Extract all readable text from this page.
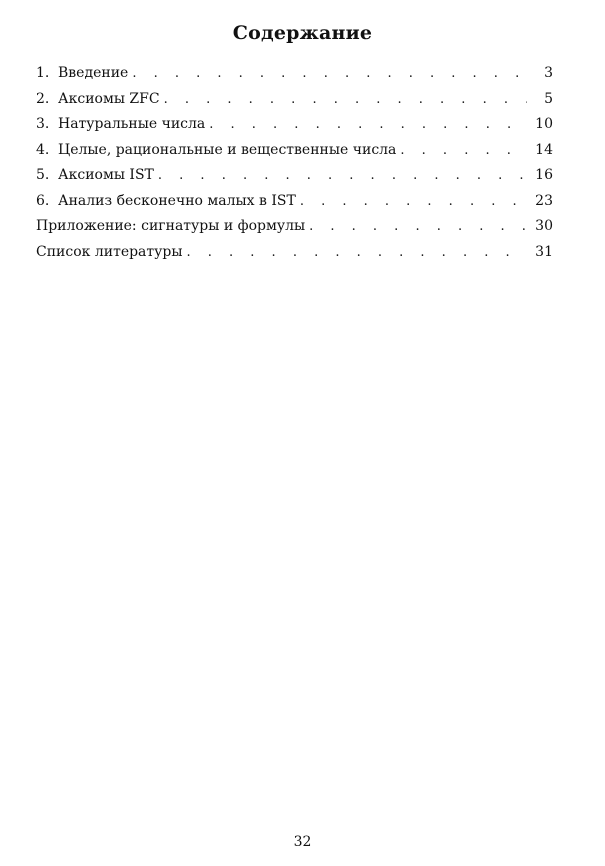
Содержание
1. Введение . . .	3
2. Аксиомы ZFC . . .	5
3. Натуральные числа . . .	10
4. Целые, рациональные и вещественные числа . . .	14
5. Аксиомы IST . . .	16
6. Анализ бесконечно малых в IST . . .	23
Приложение: сигнатуры и формулы . . .	30
Список литературы . . .	31
32
